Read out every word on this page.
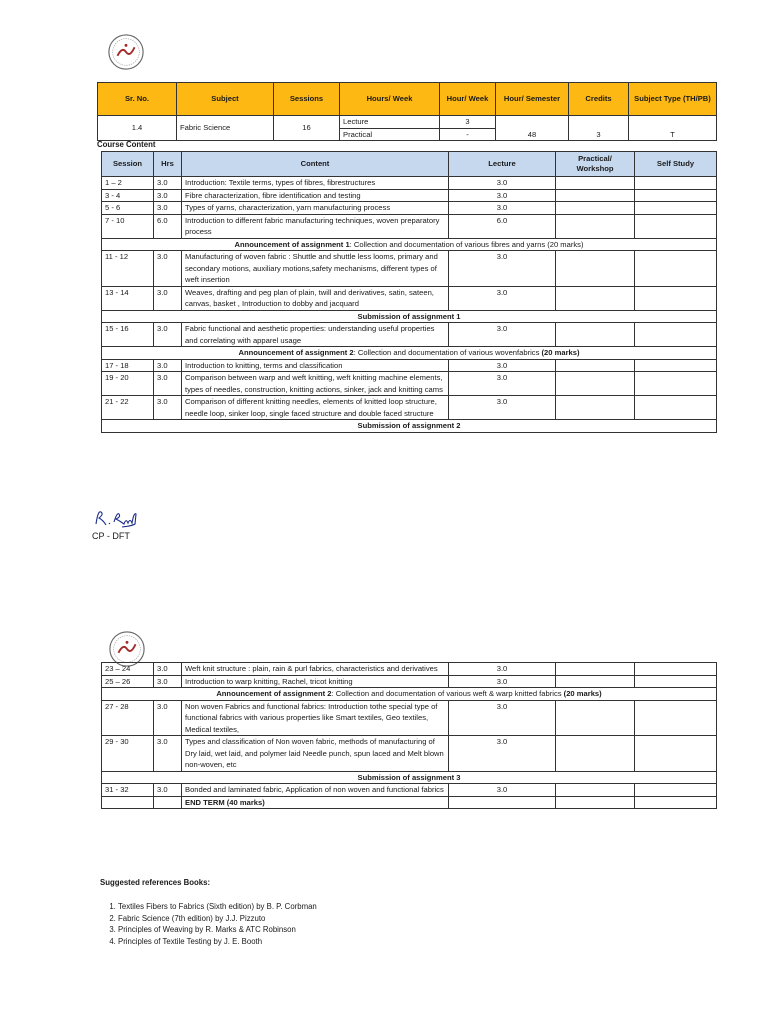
Sr. No.	Subject	Sessions	Hours/ Week	Hour/ Week	Hour/ Semester	Credits	Subject Type (TH/PB)
1.4	Fabric Science	16	Lecture	3	48	3	T
			Practical	-			
Course Content
Session	Hrs	Content	Lecture	Practical/ Workshop	Self Study
1 – 2	3.0	Introduction: Textile terms, types of fibres, fibrestructures	3.0		
3 - 4	3.0	Fibre characterization, fibre identification and testing	3.0		
5 - 6	3.0	Types of yarns, characterization, yarn manufacturing process	3.0		
7 - 10	6.0	Introduction to different fabric manufacturing techniques, woven preparatory process	6.0		
Announcement of assignment 1: Collection and documentation of various fibres and yarns (20 marks)					
11 - 12	3.0	Manufacturing of woven fabric : Shuttle and shuttle less looms, primary and secondary motions, auxiliary motions,safety mechanisms, different types of weft insertion	3.0		
13 - 14	3.0	Weaves, drafting and peg plan of plain, twill and derivatives, satin, sateen, canvas, basket , Introduction to dobby and jacquard	3.0		
Submission of assignment 1					
15 - 16	3.0	Fabric functional and aesthetic properties: understanding useful properties and correlating with apparel usage	3.0		
Announcement of assignment 2: Collection and documentation of various wovenfabrics (20 marks)					
17 - 18	3.0	Introduction to knitting, terms and classification	3.0		
19 - 20	3.0	Comparison between warp and weft knitting, weft knitting machine elements, types of needles, construction, knitting actions, sinker, jack and knitting cams	3.0		
21 - 22	3.0	Comparison of different knitting needles, elements of knitted loop structure, needle loop, sinker loop, single faced structure and double faced structure	3.0		
Submission of assignment 2					
CP - DFT
23 – 24	3.0	Weft knit structure : plain, rain & purl fabrics, characteristics and derivatives	3.0		
25 – 26	3.0	Introduction to warp knitting, Rachel, tricot knitting	3.0		
Announcement of assignment 2: Collection and documentation of various weft & warp knitted fabrics (20 marks)					
27 - 28	3.0	Non woven Fabrics and functional fabrics: Introduction tothe special type of functional fabrics with various properties like Smart textiles, Geo textiles, Medical textiles,	3.0		
29 - 30	3.0	Types and classification of Non woven fabric, methods of manufacturing of Dry laid, wet laid, and polymer laid Needle punch, spun laced and Melt blown non-woven, etc	3.0		
Submission of assignment 3					
31 - 32	3.0	Bonded and laminated fabric, Application of non woven and functional fabrics	3.0		
		END TERM (40 marks)			
Suggested references Books:
1. Textiles Fibers to Fabrics (Sixth edition) by B. P. Corbman
2. Fabric Science (7th edition) by J.J. Pizzuto
3. Principles of Weaving by R. Marks & ATC Robinson
4. Principles of Textile Testing by J. E. Booth
